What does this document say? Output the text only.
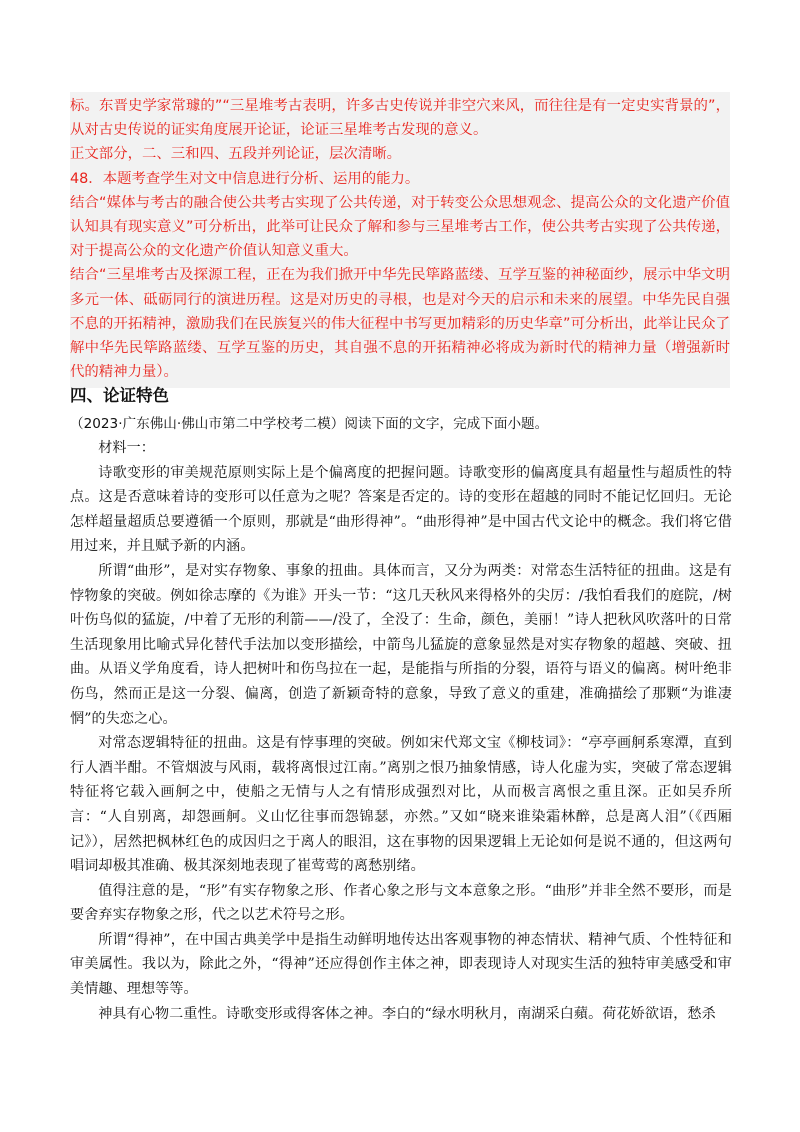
标。东晋史学家常璩的”“三星堆考古表明，许多古史传说并非空穴来风，而往往是有一定史实背景的”，从对古史传说的证实角度展开论证，论证三星堆考古发现的意义。

正文部分，二、三和四、五段并列论证，层次清晰。

48．本题考查学生对文中信息进行分析、运用的能力。

结合“媒体与考古的融合使公共考古实现了公共传递，对于转变公众思想观念、提高公众的文化遗产价值认知具有现实意义”可分析出，此举可让民众了解和参与三星堆考古工作，使公共考古实现了公共传递，对于提高公众的文化遗产价值认知意义重大。

结合“三星堆考古及探源工程，正在为我们掀开中华先民筚路蓝缕、互学互鉴的神秘面纱，展示中华文明多元一体、砥砺同行的演进历程。这是对历史的寻根，也是对今天的启示和未来的展望。中华先民自强不息的开拓精神，激励我们在民族复兴的伟大征程中书写更加精彩的历史华章”可分析出，此举让民众了解中华先民筚路蓝缕、互学互鉴的历史，其自强不息的开拓精神必将成为新时代的精神力量（增强新时代的精神力量）。

四、论证特色

（2023·广东佛山·佛山市第二中学校考二模）阅读下面的文字，完成下面小题。

材料一：

诗歌变形的审美规范原则实际上是个偏离度的把握问题。诗歌变形的偏离度具有超量性与超质性的特点。这是否意味着诗的变形可以任意为之呢？答案是否定的。诗的变形在超越的同时不能记忆回归。无论怎样超量超质总要遵循一个原则，那就是“曲形得神”。“曲形得神”是中国古代文论中的概念。我们将它借用过来，并且赋予新的内涵。

所谓“曲形”，是对实存物象、事象的扭曲。具体而言，又分为两类：对常态生活特征的扭曲。这是有悖物象的突破。例如徐志摩的《为谁》开头一节：“这几天秋风来得格外的尖厉：/我怕看我们的庭院，/树叶伤鸟似的猛旋，/中着了无形的利箭——/没了，全没了：生命，颜色，美丽！”诗人把秋风吹落叶的日常生活现象用比喻式异化替代手法加以变形描绘，中箭鸟儿猛旋的意象显然是对实存物象的超越、突破、扭曲。从语义学角度看，诗人把树叶和伤鸟拉在一起，是能指与所指的分裂，语符与语义的偏离。树叶绝非伤鸟，然而正是这一分裂、偏离，创造了新颖奇特的意象，导致了意义的重建，准确描绘了那颗“为谁凄惘”的失恋之心。

对常态逻辑特征的扭曲。这是有悖事理的突破。例如宋代郑文宝《柳枝词》：“亭亭画舸系寒潭，直到行人酒半酣。不管烟波与风雨，载将离恨过江南。”离别之恨乃抽象情感，诗人化虚为实，突破了常态逻辑特征将它载入画舸之中，使船之无情与人之有情形成强烈对比，从而极言离恨之重且深。正如吴乔所言：“人自别离，却怨画舸。义山忆往事而怨锦瑟，亦然。”又如“晓来谁染霜林醉，总是离人泪”（《西厢记》），居然把枫林红色的成因归之于离人的眼泪，这在事物的因果逻辑上无论如何是说不通的，但这两句唱词却极其准确、极其深刻地表现了崔莺莺的离愁别绪。

值得注意的是，“形”有实存物象之形、作者心象之形与文本意象之形。“曲形”并非全然不要形，而是要舍弃实存物象之形，代之以艺术符号之形。

所谓“得神”，在中国古典美学中是指生动鲜明地传达出客观事物的神态情状、精神气质、个性特征和审美属性。我以为，除此之外，“得神”还应得创作主体之神，即表现诗人对现实生活的独特审美感受和审美情趣、理想等等。

神具有心物二重性。诗歌变形或得客体之神。李白的“绿水明秋月，南湖采白蘋。荷花娇欲语，愁杀
